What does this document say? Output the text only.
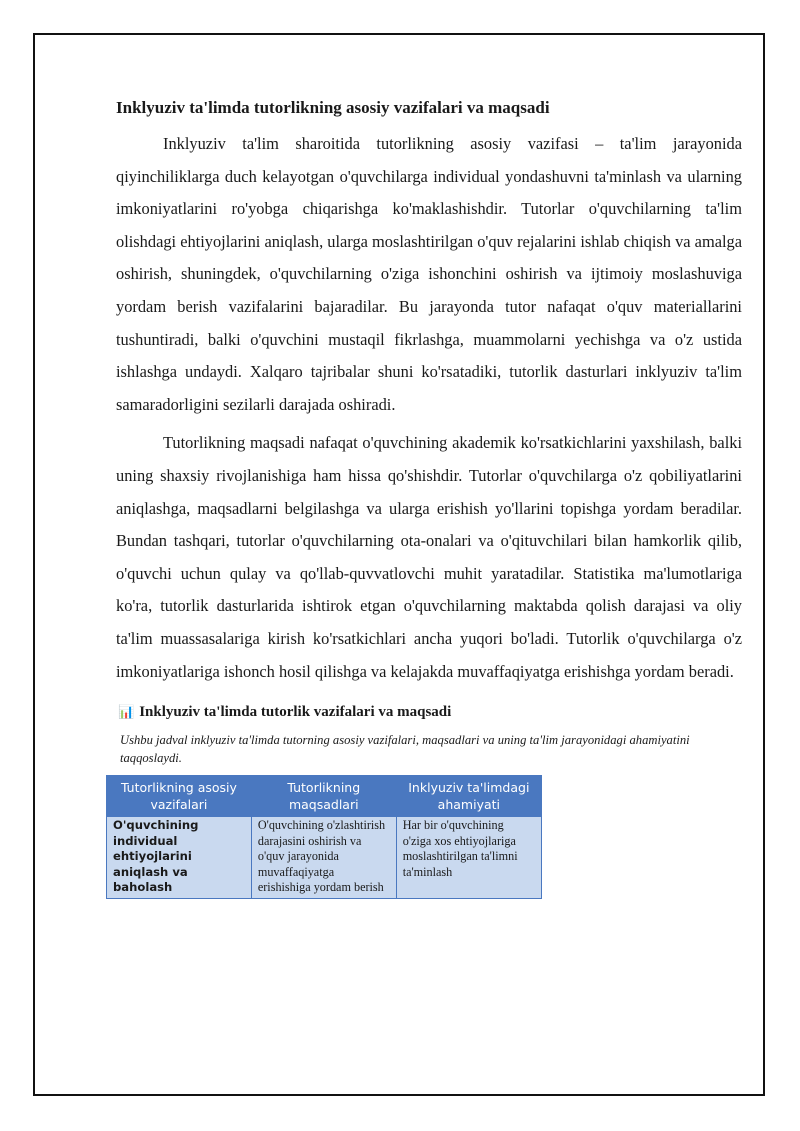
Inklyuziv ta'limda tutorlikning asosiy vazifalari va maqsadi

Inklyuziv ta'lim sharoitida tutorlikning asosiy vazifasi – ta'lim jarayonida qiyinchiliklarga duch kelayotgan o'quvchilarga individual yondashuvni ta'minlash va ularning imkoniyatlarini ro'yobga chiqarishga ko'maklashishdir. Tutorlar o'quvchilarning ta'lim olishdagi ehtiyojlarini aniqlash, ularga moslashtirilgan o'quv rejalarini ishlab chiqish va amalga oshirish, shuningdek, o'quvchilarning o'ziga ishonchini oshirish va ijtimoiy moslashuviga yordam berish vazifalarini bajaradilar. Bu jarayonda tutor nafaqat o'quv materiallarini tushuntiradi, balki o'quvchini mustaqil fikrlashga, muammolarni yechishga va o'z ustida ishlashga undaydi. Xalqaro tajribalar shuni ko'rsatadiki, tutorlik dasturlari inklyuziv ta'lim samaradorligini sezilarli darajada oshiradi.

Tutorlikning maqsadi nafaqat o'quvchining akademik ko'rsatkichlarini yaxshilash, balki uning shaxsiy rivojlanishiga ham hissa qo'shishdir. Tutorlar o'quvchilarga o'z qobiliyatlarini aniqlashga, maqsadlarni belgilashga va ularga erishish yo'llarini topishga yordam beradilar. Bundan tashqari, tutorlar o'quvchilarning ota-onalari va o'qituvchilari bilan hamkorlik qilib, o'quvchi uchun qulay va qo'llab-quvvatlovchi muhit yaratadilar. Statistika ma'lumotlariga ko'ra, tutorlik dasturlarida ishtirok etgan o'quvchilarning maktabda qolish darajasi va oliy ta'lim muassasalariga kirish ko'rsatkichlari ancha yuqori bo'ladi. Tutorlik o'quvchilarga o'z imkoniyatlariga ishonch hosil qilishga va kelajakda muvaffaqiyatga erishishga yordam beradi.

📊 Inklyuziv ta'limda tutorlik vazifalari va maqsadi

Ushbu jadval inklyuziv ta'limda tutorning asosiy vazifalari, maqsadlari va uning ta'lim jarayonidagi ahamiyatini taqqoslaydi.

Tutorlikning asosiy vazifalari	Tutorlikning maqsadlari	Inklyuziv ta'limdagi ahamiyati
O'quvchining individual ehtiyojlarini aniqlash va baholash	O'quvchining o'zlashtirish darajasini oshirish va o'quv jarayonida muvaffaqiyatga erishishiga yordam berish	Har bir o'quvchining o'ziga xos ehtiyojlariga moslashtirilgan ta'limni ta'minlash
